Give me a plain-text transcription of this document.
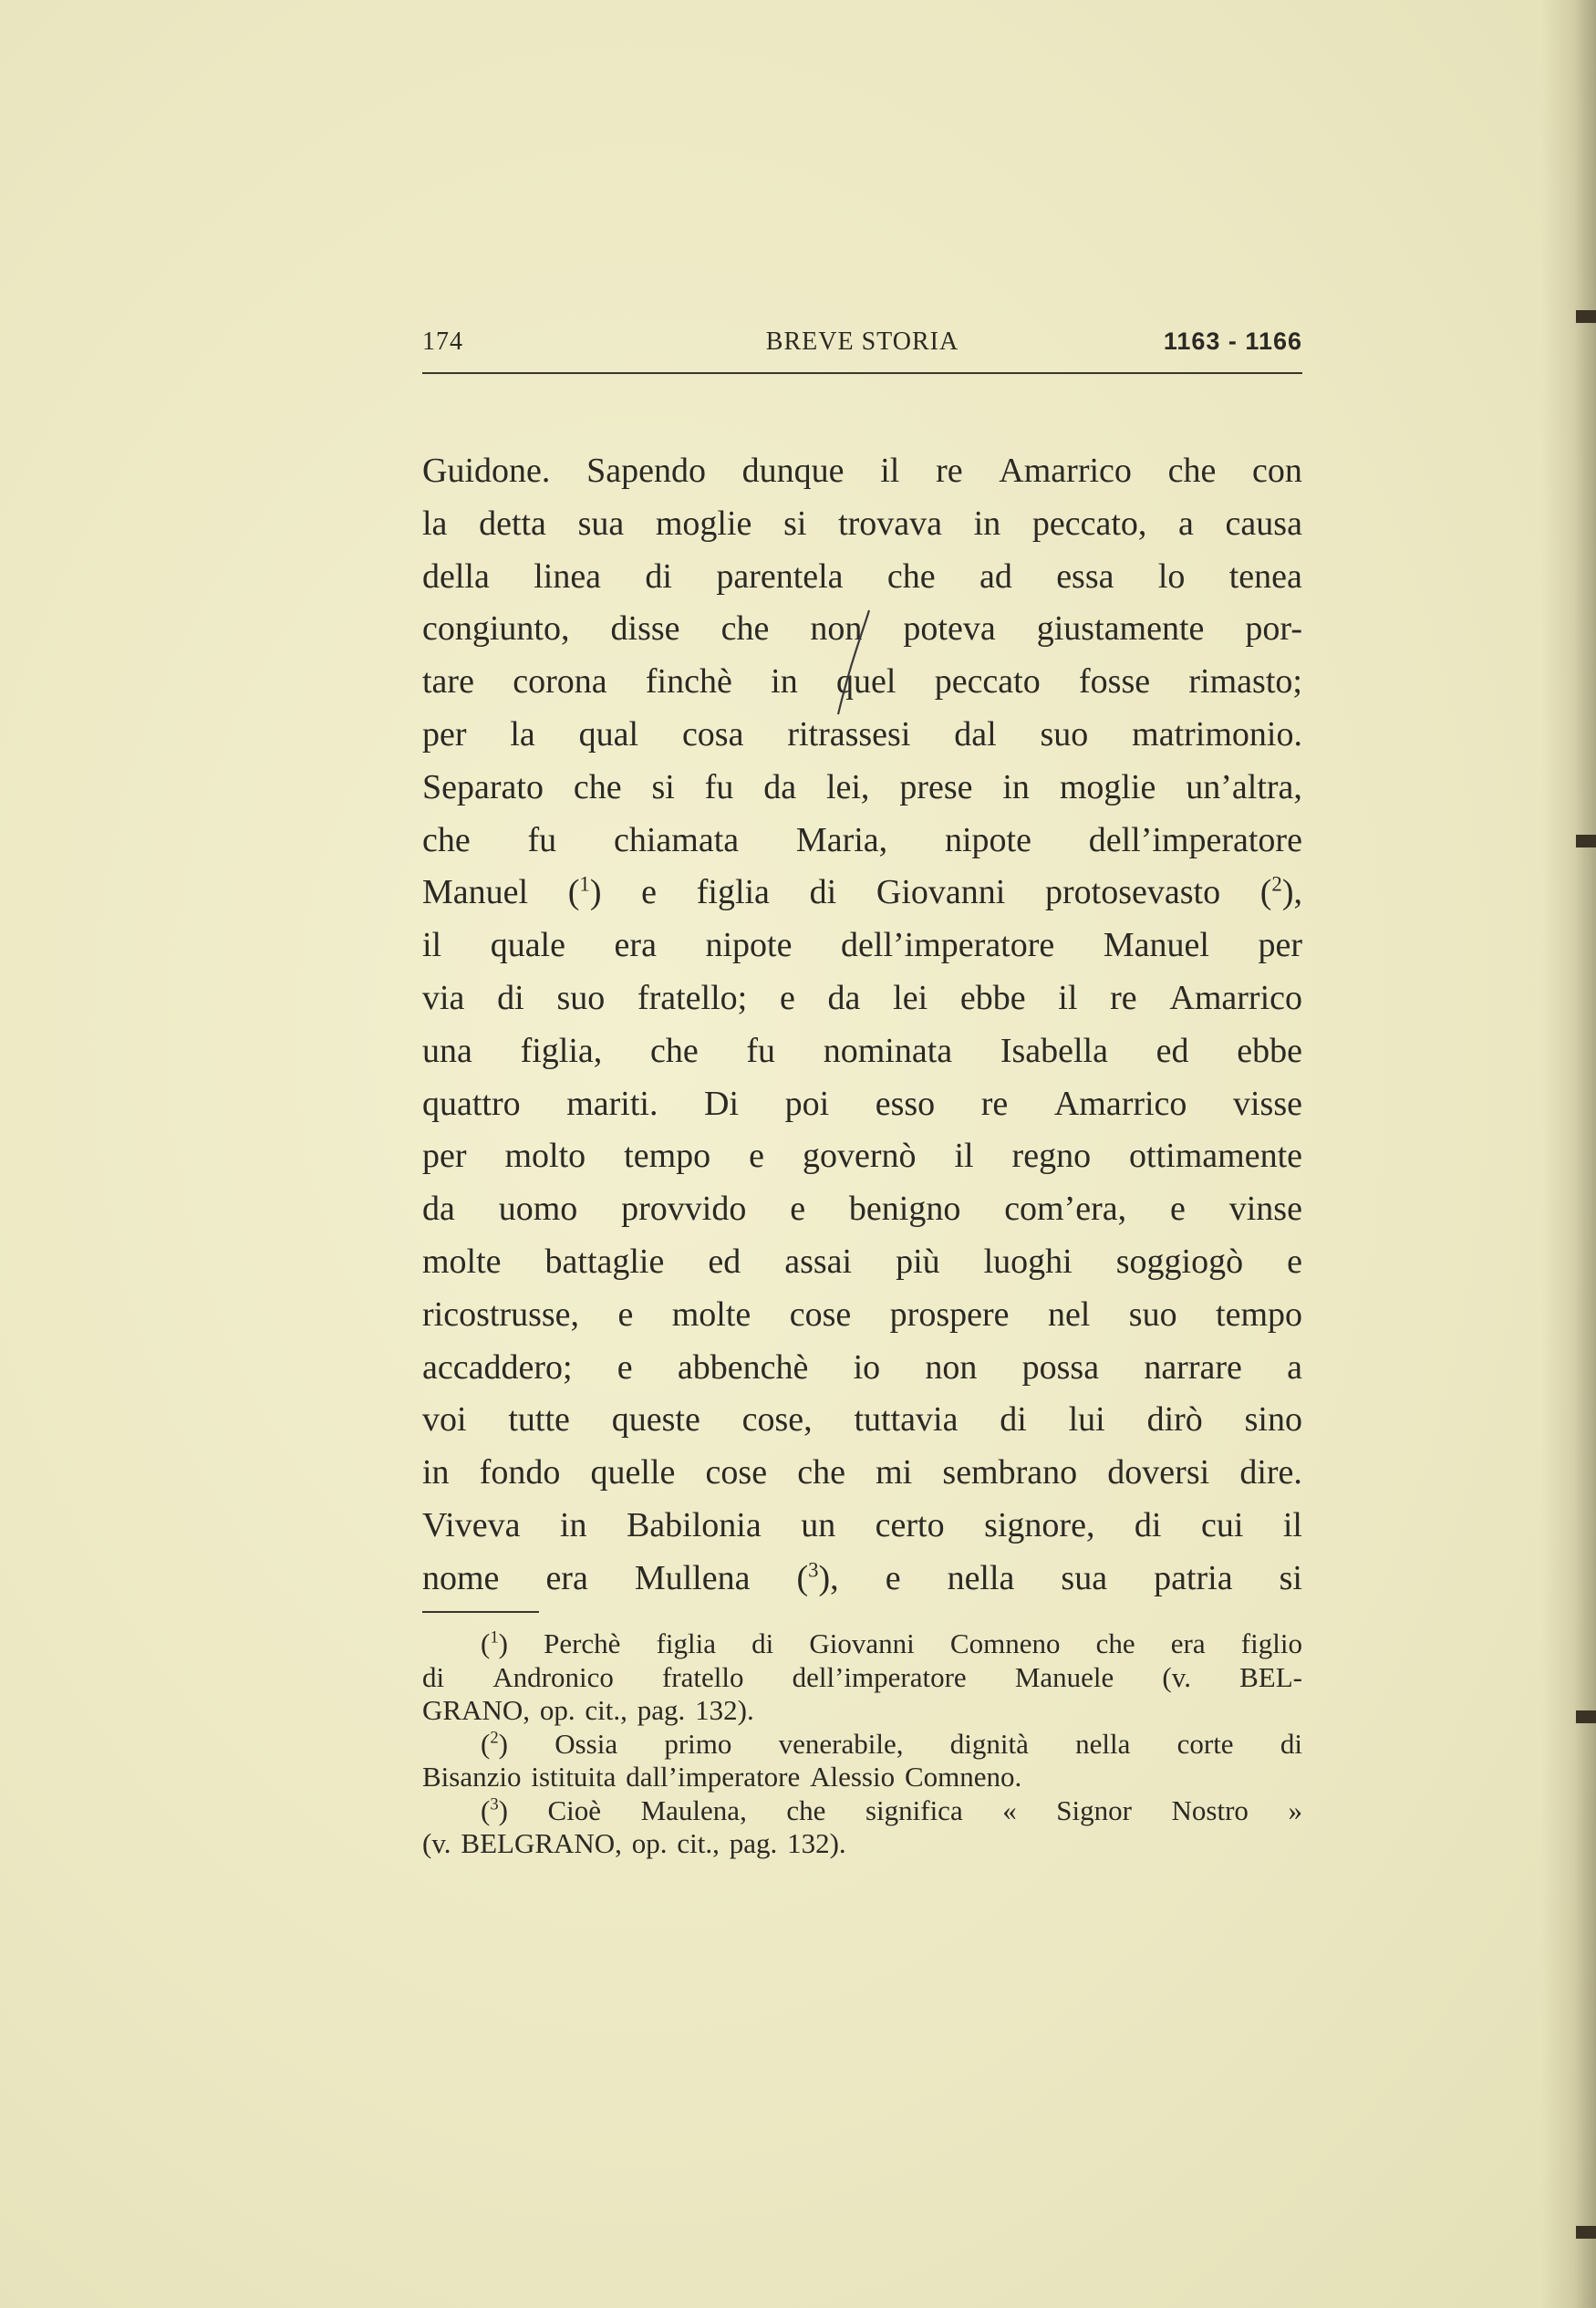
174	BREVE STORIA	1163 - 1166
Guidone. Sapendo dunque il re Amarrico che con
la detta sua moglie si trovava in peccato, a causa
della linea di parentela che ad essa lo tenea
congiunto, disse che non poteva giustamente por-
tare corona finchè in quel peccato fosse rimasto;
per la qual cosa ritrassesi dal suo matrimonio.
Separato che si fu da lei, prese in moglie un’altra,
che fu chiamata Maria, nipote dell’imperatore
Manuel ($^1$) e figlia di Giovanni protosevasto ($^2$),
il quale era nipote dell’imperatore Manuel per
via di suo fratello; e da lei ebbe il re Amarrico
una figlia, che fu nominata Isabella ed ebbe
quattro mariti. Di poi esso re Amarrico visse
per molto tempo e governò il regno ottimamente
da uomo provvido e benigno com’era, e vinse
molte battaglie ed assai più luoghi soggiogò e
ricostrusse, e molte cose prospere nel suo tempo
accaddero; e abbenchè io non possa narrare a
voi tutte queste cose, tuttavia di lui dirò sino
in fondo quelle cose che mi sembrano doversi dire.
Viveva in Babilonia un certo signore, di cui il
nome era Mullena ($^3$), e nella sua patria si
($^1$) Perchè figlia di Giovanni Comneno che era figlio
di Andronico fratello dell’imperatore Manuele (v. BEL-
GRANO, op. cit., pag. 132).
($^2$) Ossia primo venerabile, dignità nella corte di
Bisanzio istituita dall’imperatore Alessio Comneno.
($^3$) Cioè Maulena, che significa « Signor Nostro »
(v. BELGRANO, op. cit., pag. 132).
